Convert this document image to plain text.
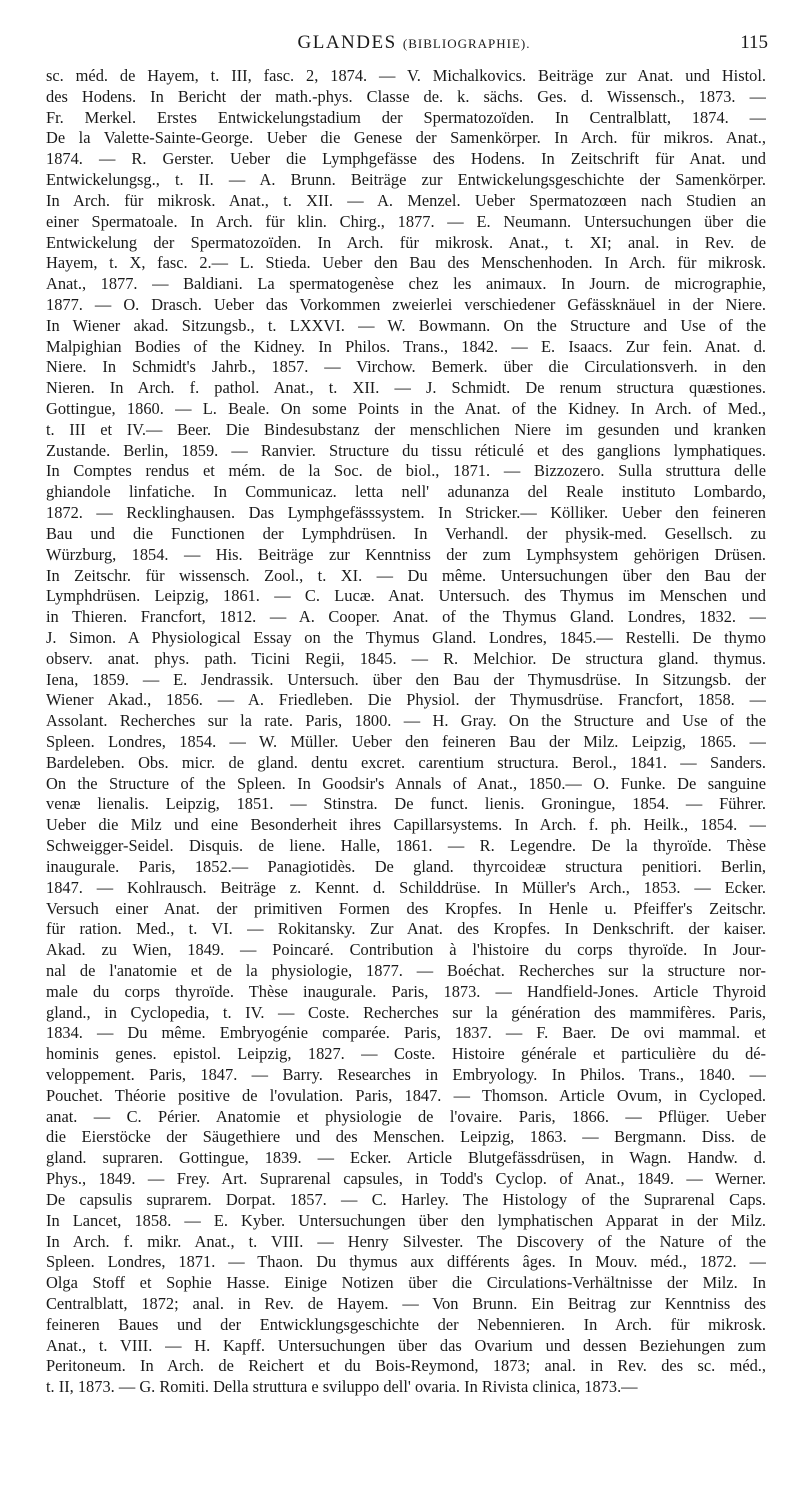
GLANDES (BIBLIOGRAPHIE).	115
sc. méd. de Hayem, t. III, fasc. 2, 1874. — V. Michalkovics. Beiträge zur Anat. und Histol.
des Hodens. In Bericht der math.-phys. Classe de. k. sächs. Ges. d. Wissensch., 1873. —
Fr. Merkel. Erstes Entwickelungstadium der Spermatozoïden. In Centralblatt, 1874. —
De la Valette-Sainte-George. Ueber die Genese der Samenkörper. In Arch. für mikros. Anat.,
1874. — R. Gerster. Ueber die Lymphgefässe des Hodens. In Zeitschrift für Anat. und
Entwickelungsg., t. II. — A. Brunn. Beiträge zur Entwickelungsgeschichte der Samenkörper.
In Arch. für mikrosk. Anat., t. XII. — A. Menzel. Ueber Spermatozœen nach Studien an
einer Spermatoale. In Arch. für klin. Chirg., 1877. — E. Neumann. Untersuchungen über die
Entwickelung der Spermatozoïden. In Arch. für mikrosk. Anat., t. XI; anal. in Rev. de
Hayem, t. X, fasc. 2.— L. Stieda. Ueber den Bau des Menschenhoden. In Arch. für mikrosk.
Anat., 1877. — Baldiani. La spermatogenèse chez les animaux. In Journ. de micrographie,
1877. — O. Drasch. Ueber das Vorkommen zweierlei verschiedener Gefässknäuel in der Niere.
In Wiener akad. Sitzungsb., t. LXXVI. — W. Bowmann. On the Structure and Use of the
Malpighian Bodies of the Kidney. In Philos. Trans., 1842. — E. Isaacs. Zur fein. Anat. d.
Niere. In Schmidt's Jahrb., 1857. — Virchow. Bemerk. über die Circulationsverh. in den
Nieren. In Arch. f. pathol. Anat., t. XII. — J. Schmidt. De renum structura quæstiones.
Gottingue, 1860. — L. Beale. On some Points in the Anat. of the Kidney. In Arch. of Med.,
t. III et IV.— Beer. Die Bindesubstanz der menschlichen Niere im gesunden und kranken
Zustande. Berlin, 1859. — Ranvier. Structure du tissu réticulé et des ganglions lymphatiques.
In Comptes rendus et mém. de la Soc. de biol., 1871. — Bizzozero. Sulla struttura delle
ghiandole linfatiche. In Communicaz. letta nell' adunanza del Reale instituto Lombardo,
1872. — Recklinghausen. Das Lymphgefässsystem. In Stricker.— Kölliker. Ueber den feineren
Bau und die Functionen der Lymphdrüsen. In Verhandl. der physik-med. Gesellsch. zu
Würzburg, 1854. — His. Beiträge zur Kenntniss der zum Lymphsystem gehörigen Drüsen.
In Zeitschr. für wissensch. Zool., t. XI. — Du même. Untersuchungen über den Bau der
Lymphdrüsen. Leipzig, 1861. — C. Lucæ. Anat. Untersuch. des Thymus im Menschen und
in Thieren. Francfort, 1812. — A. Cooper. Anat. of the Thymus Gland. Londres, 1832. —
J. Simon. A Physiological Essay on the Thymus Gland. Londres, 1845.— Restelli. De thymo
observ. anat. phys. path. Ticini Regii, 1845. — R. Melchior. De structura gland. thymus.
Iena, 1859. — E. Jendrassik. Untersuch. über den Bau der Thymusdrüse. In Sitzungsb. der
Wiener Akad., 1856. — A. Friedleben. Die Physiol. der Thymusdrüse. Francfort, 1858. —
Assolant. Recherches sur la rate. Paris, 1800. — H. Gray. On the Structure and Use of the
Spleen. Londres, 1854. — W. Müller. Ueber den feineren Bau der Milz. Leipzig, 1865. —
Bardeleben. Obs. micr. de gland. dentu excret. carentium structura. Berol., 1841. — Sanders.
On the Structure of the Spleen. In Goodsir's Annals of Anat., 1850.— O. Funke. De sanguine
venæ lienalis. Leipzig, 1851. — Stinstra. De funct. lienis. Groningue, 1854. — Führer.
Ueber die Milz und eine Besonderheit ihres Capillarsystems. In Arch. f. ph. Heilk., 1854. —
Schweigger-Seidel. Disquis. de liene. Halle, 1861. — R. Legendre. De la thyroïde. Thèse
inaugurale. Paris, 1852.— Panagiotidès. De gland. thyrcoideæ structura penitiori. Berlin,
1847. — Kohlrausch. Beiträge z. Kennt. d. Schilddrüse. In Müller's Arch., 1853. — Ecker.
Versuch einer Anat. der primitiven Formen des Kropfes. In Henle u. Pfeiffer's Zeitschr.
für ration. Med., t. VI. — Rokitansky. Zur Anat. des Kropfes. In Denkschrift. der kaiser.
Akad. zu Wien, 1849. — Poincaré. Contribution à l'histoire du corps thyroïde. In Jour-
nal de l'anatomie et de la physiologie, 1877. — Boéchat. Recherches sur la structure nor-
male du corps thyroïde. Thèse inaugurale. Paris, 1873. — Handfield-Jones. Article Thyroid
gland., in Cyclopedia, t. IV. — Coste. Recherches sur la génération des mammifères. Paris,
1834. — Du même. Embryogénie comparée. Paris, 1837. — F. Baer. De ovi mammal. et
hominis genes. epistol. Leipzig, 1827. — Coste. Histoire générale et particulière du dé-
veloppement. Paris, 1847. — Barry. Researches in Embryology. In Philos. Trans., 1840. —
Pouchet. Théorie positive de l'ovulation. Paris, 1847. — Thomson. Article Ovum, in Cycloped.
anat. — C. Périer. Anatomie et physiologie de l'ovaire. Paris, 1866. — Pflüger. Ueber
die Eierstöcke der Säugethiere und des Menschen. Leipzig, 1863. — Bergmann. Diss. de
gland. supraren. Gottingue, 1839. — Ecker. Article Blutgefässdrüsen, in Wagn. Handw. d.
Phys., 1849. — Frey. Art. Suprarenal capsules, in Todd's Cyclop. of Anat., 1849. — Werner.
De capsulis suprarem. Dorpat. 1857. — C. Harley. The Histology of the Suprarenal Caps.
In Lancet, 1858. — E. Kyber. Untersuchungen über den lymphatischen Apparat in der Milz.
In Arch. f. mikr. Anat., t. VIII. — Henry Silvester. The Discovery of the Nature of the
Spleen. Londres, 1871. — Thaon. Du thymus aux différents âges. In Mouv. méd., 1872. —
Olga Stoff et Sophie Hasse. Einige Notizen über die Circulations-Verhältnisse der Milz. In
Centralblatt, 1872; anal. in Rev. de Hayem. — Von Brunn. Ein Beitrag zur Kenntniss des
feineren Baues und der Entwicklungsgeschichte der Nebennieren. In Arch. für mikrosk.
Anat., t. VIII. — H. Kapff. Untersuchungen über das Ovarium und dessen Beziehungen zum
Peritoneum. In Arch. de Reichert et du Bois-Reymond, 1873; anal. in Rev. des sc. méd.,
t. II, 1873. — G. Romiti. Della struttura e sviluppo dell' ovaria. In Rivista clinica, 1873.—
